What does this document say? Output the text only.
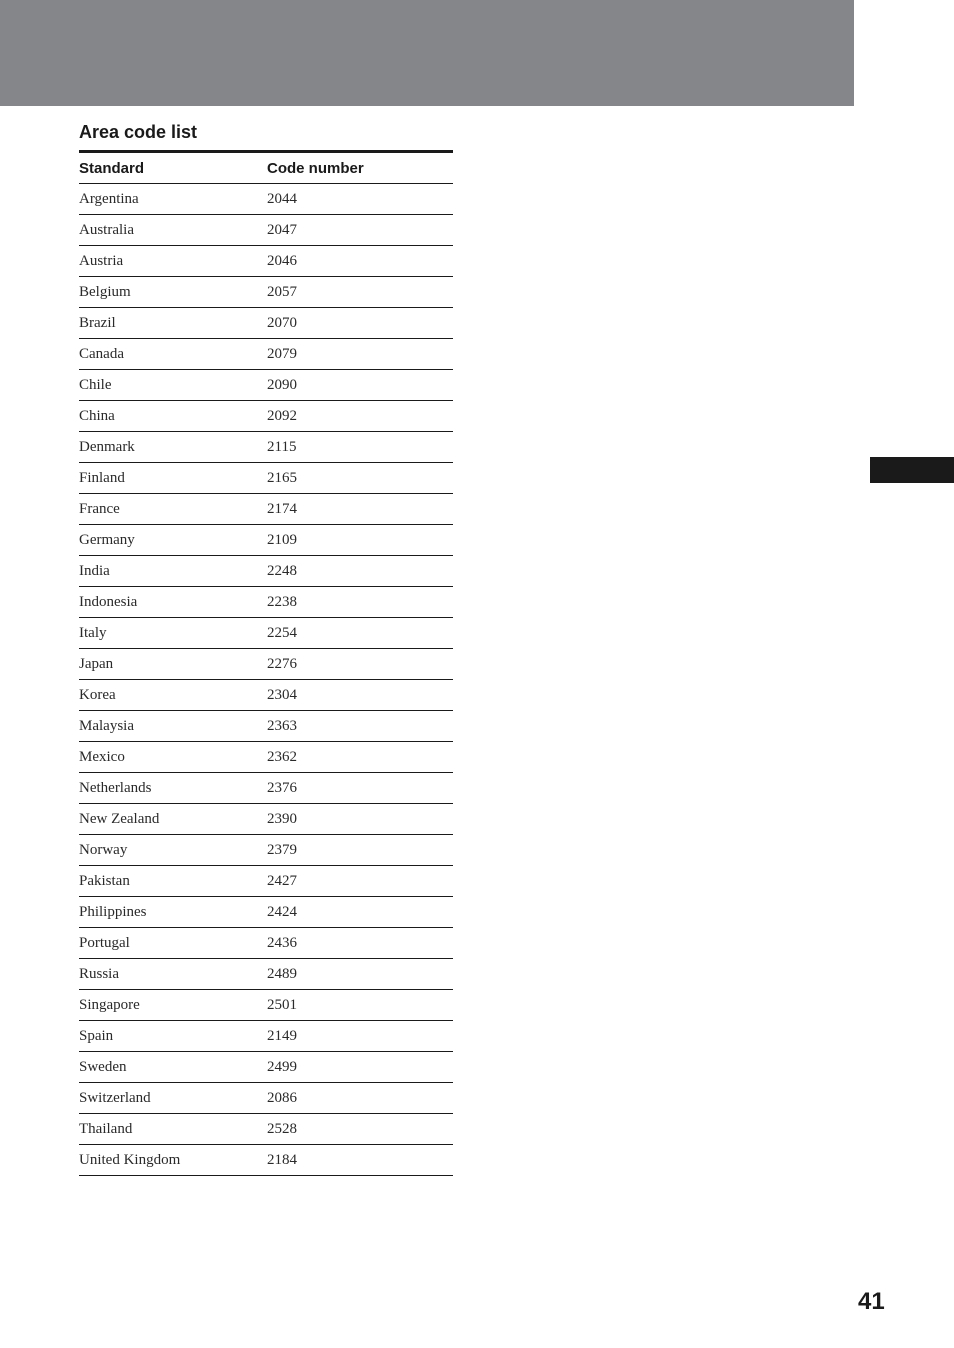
Area code list
Standard	Code number
Argentina	2044
Australia	2047
Austria	2046
Belgium	2057
Brazil	2070
Canada	2079
Chile	2090
China	2092
Denmark	2115
Finland	2165
France	2174
Germany	2109
India	2248
Indonesia	2238
Italy	2254
Japan	2276
Korea	2304
Malaysia	2363
Mexico	2362
Netherlands	2376
New Zealand	2390
Norway	2379
Pakistan	2427
Philippines	2424
Portugal	2436
Russia	2489
Singapore	2501
Spain	2149
Sweden	2499
Switzerland	2086
Thailand	2528
United Kingdom	2184
41
